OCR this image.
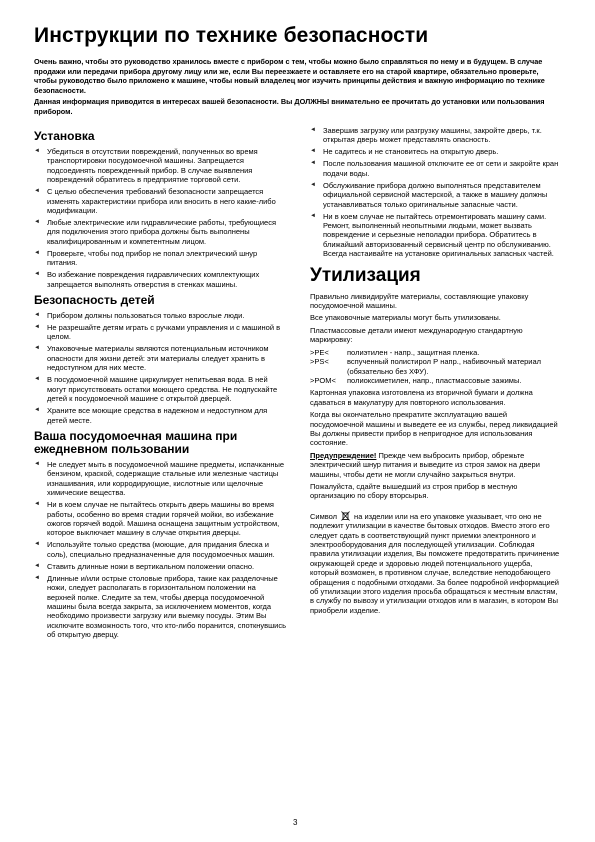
Инструкции по технике безопасности

Очень важно, чтобы это руководство хранилось вместе с прибором с тем, чтобы можно было справляться по нему и в будущем. В случае продажи или передачи прибора другому лицу или же, если Вы переезжаете и оставляете его на старой квартире, обязательно проверьте, чтобы руководство было приложено к машине, чтобы новый владелец мог изучить принципы действия и важную информацию по технике безопасности.

Данная информация приводится в интересах вашей безопасности. Вы ДОЛЖНЫ внимательно ее прочитать до установки или пользования прибором.

Установка
◄ Убедиться в отсутствии повреждений, полученных во время транспортировки посудомоечной машины. Запрещается подсоединять поврежденный прибор. В случае выявления повреждений обратитесь в предприятие торговой сети.
◄ С целью обеспечения требований безопасности запрещается изменять характеристики прибора или вносить в него какие-либо модификации.
◄ Любые электрические или гидравлические работы, требующиеся для подключения этого прибора должны быть выполнены квалифицированным и компетентным лицом.
◄ Проверьте, чтобы под прибор не попал электрический шнур питания.
◄ Во избежание повреждения гидравлических комплектующих запрещается выполнять отверстия в стенках машины.
Безопасность детей
◄ Прибором должны пользоваться только взрослые люди.
◄ Не разрешайте детям играть с ручками управления и с машиной в целом.
◄ Упаковочные материалы являются потенциальным источником опасности для жизни детей: эти материалы следует хранить в недоступном для них месте.
◄ В посудомоечной машине циркулирует непитьевая вода. В ней могут присутствовать остатки моющего средства. Не подпускайте детей к посудомоечной машине с открытой дверцей.
◄ Храните все моющие средства в надежном и недоступном для детей месте.
Ваша посудомоечная машина при ежедневном пользовании
◄ Не следует мыть в посудомоечной машине предметы, испачканные бензином, краской, содержащие стальные или железные частицы изнашивания, или корродирующие, кислотные или щелочные химические вещества.
◄ Ни в коем случае не пытайтесь открыть дверь машины во время работы, особенно во время стадии горячей мойки, во избежание ожогов горячей водой. Машина оснащена защитным устройством, которое выключает машину в случае открытия дверцы.
◄ Используйте только средства (моющие, для придания блеска и соль), специально предназначенные для посудомоечных машин.
◄ Ставить длинные ножи в вертикальном положении опасно.
◄ Длинные и/или острые столовые прибора, такие как разделочные ножи, следует располагать в горизонтальном положении на верхней полке. Следите за тем, чтобы дверца посудомоечной машины была всегда закрыта, за исключением моментов, когда необходимо произвести загрузку или выемку посуды. Этим Вы исключите возможность того, что кто-либо поранится, споткнувшись об открытую дверцу.
◄ Завершив загрузку или разгрузку машины, закройте дверь, т.к. открытая дверь может представлять опасность.
◄ Не садитесь и не становитесь на открытую дверь.
◄ После пользования машиной отключите ее от сети и закройте кран подачи воды.
◄ Обслуживание прибора должно выполняться представителем официальной сервисной мастерской, а также в машину должны устанавливаться только оригинальные запасные части.
◄ Ни в коем случае не пытайтесь отремонтировать машину сами. Ремонт, выполненный неопытными людьми, может вызвать повреждение и серьезные неполадки прибора. Обратитесь в ближайший авторизованный сервисный центр по обслуживанию. Всегда настаивайте на установке оригинальных запасных частей.
Утилизация

Правильно ликвидируйте материалы, составляющие упаковку посудомоечной машины.

Все упаковочные материалы могут быть утилизованы.

Пластмассовые детали имеют международную стандартную маркировку:

>PE<	полиэтилен - напр., защитная пленка.
>PS<	вспученный полистирол Р напр., набивочный материал (обязательно без ХФУ).
>POM<	полиоксиметилен, напр., пластмассовые зажимы.

Картонная упаковка изготовлена из вторичной бумаги и должна сдаваться в макулатуру для повторного использования.

Когда вы окончательно прекратите эксплуатацию вашей посудомоечной машины и выведете ее из службы, перед ликвидацией Вы должны привести прибор в непригодное для использования состояние.

Предупреждение! Прежде чем выбросить прибор, обрежьте электрический шнур питания и выведите из строя замок на двери машины, чтобы дети не могли случайно закрыться внутри.

Пожалуйста, сдайте вышедший из строя прибор в местную организацию по сбору вторсырья.

Символ на изделии или на его упаковке указывает, что оно не подлежит утилизации в качестве бытовых отходов. Вместо этого его следует сдать в соответствующий пункт приемки электронного и электрооборудования для последующей утилизации. Соблюдая правила утилизации изделия, Вы поможете предотвратить причинение окружающей среде и здоровью людей потенциального ущерба, который возможен, в противном случае, вследствие неподобающего обращения с подобными отходами. За более подробной информацией об утилизации этого изделия просьба обращаться к местным властям, в службу по вывозу и утилизации отходов или в магазин, в котором Вы приобрели изделие.

3
